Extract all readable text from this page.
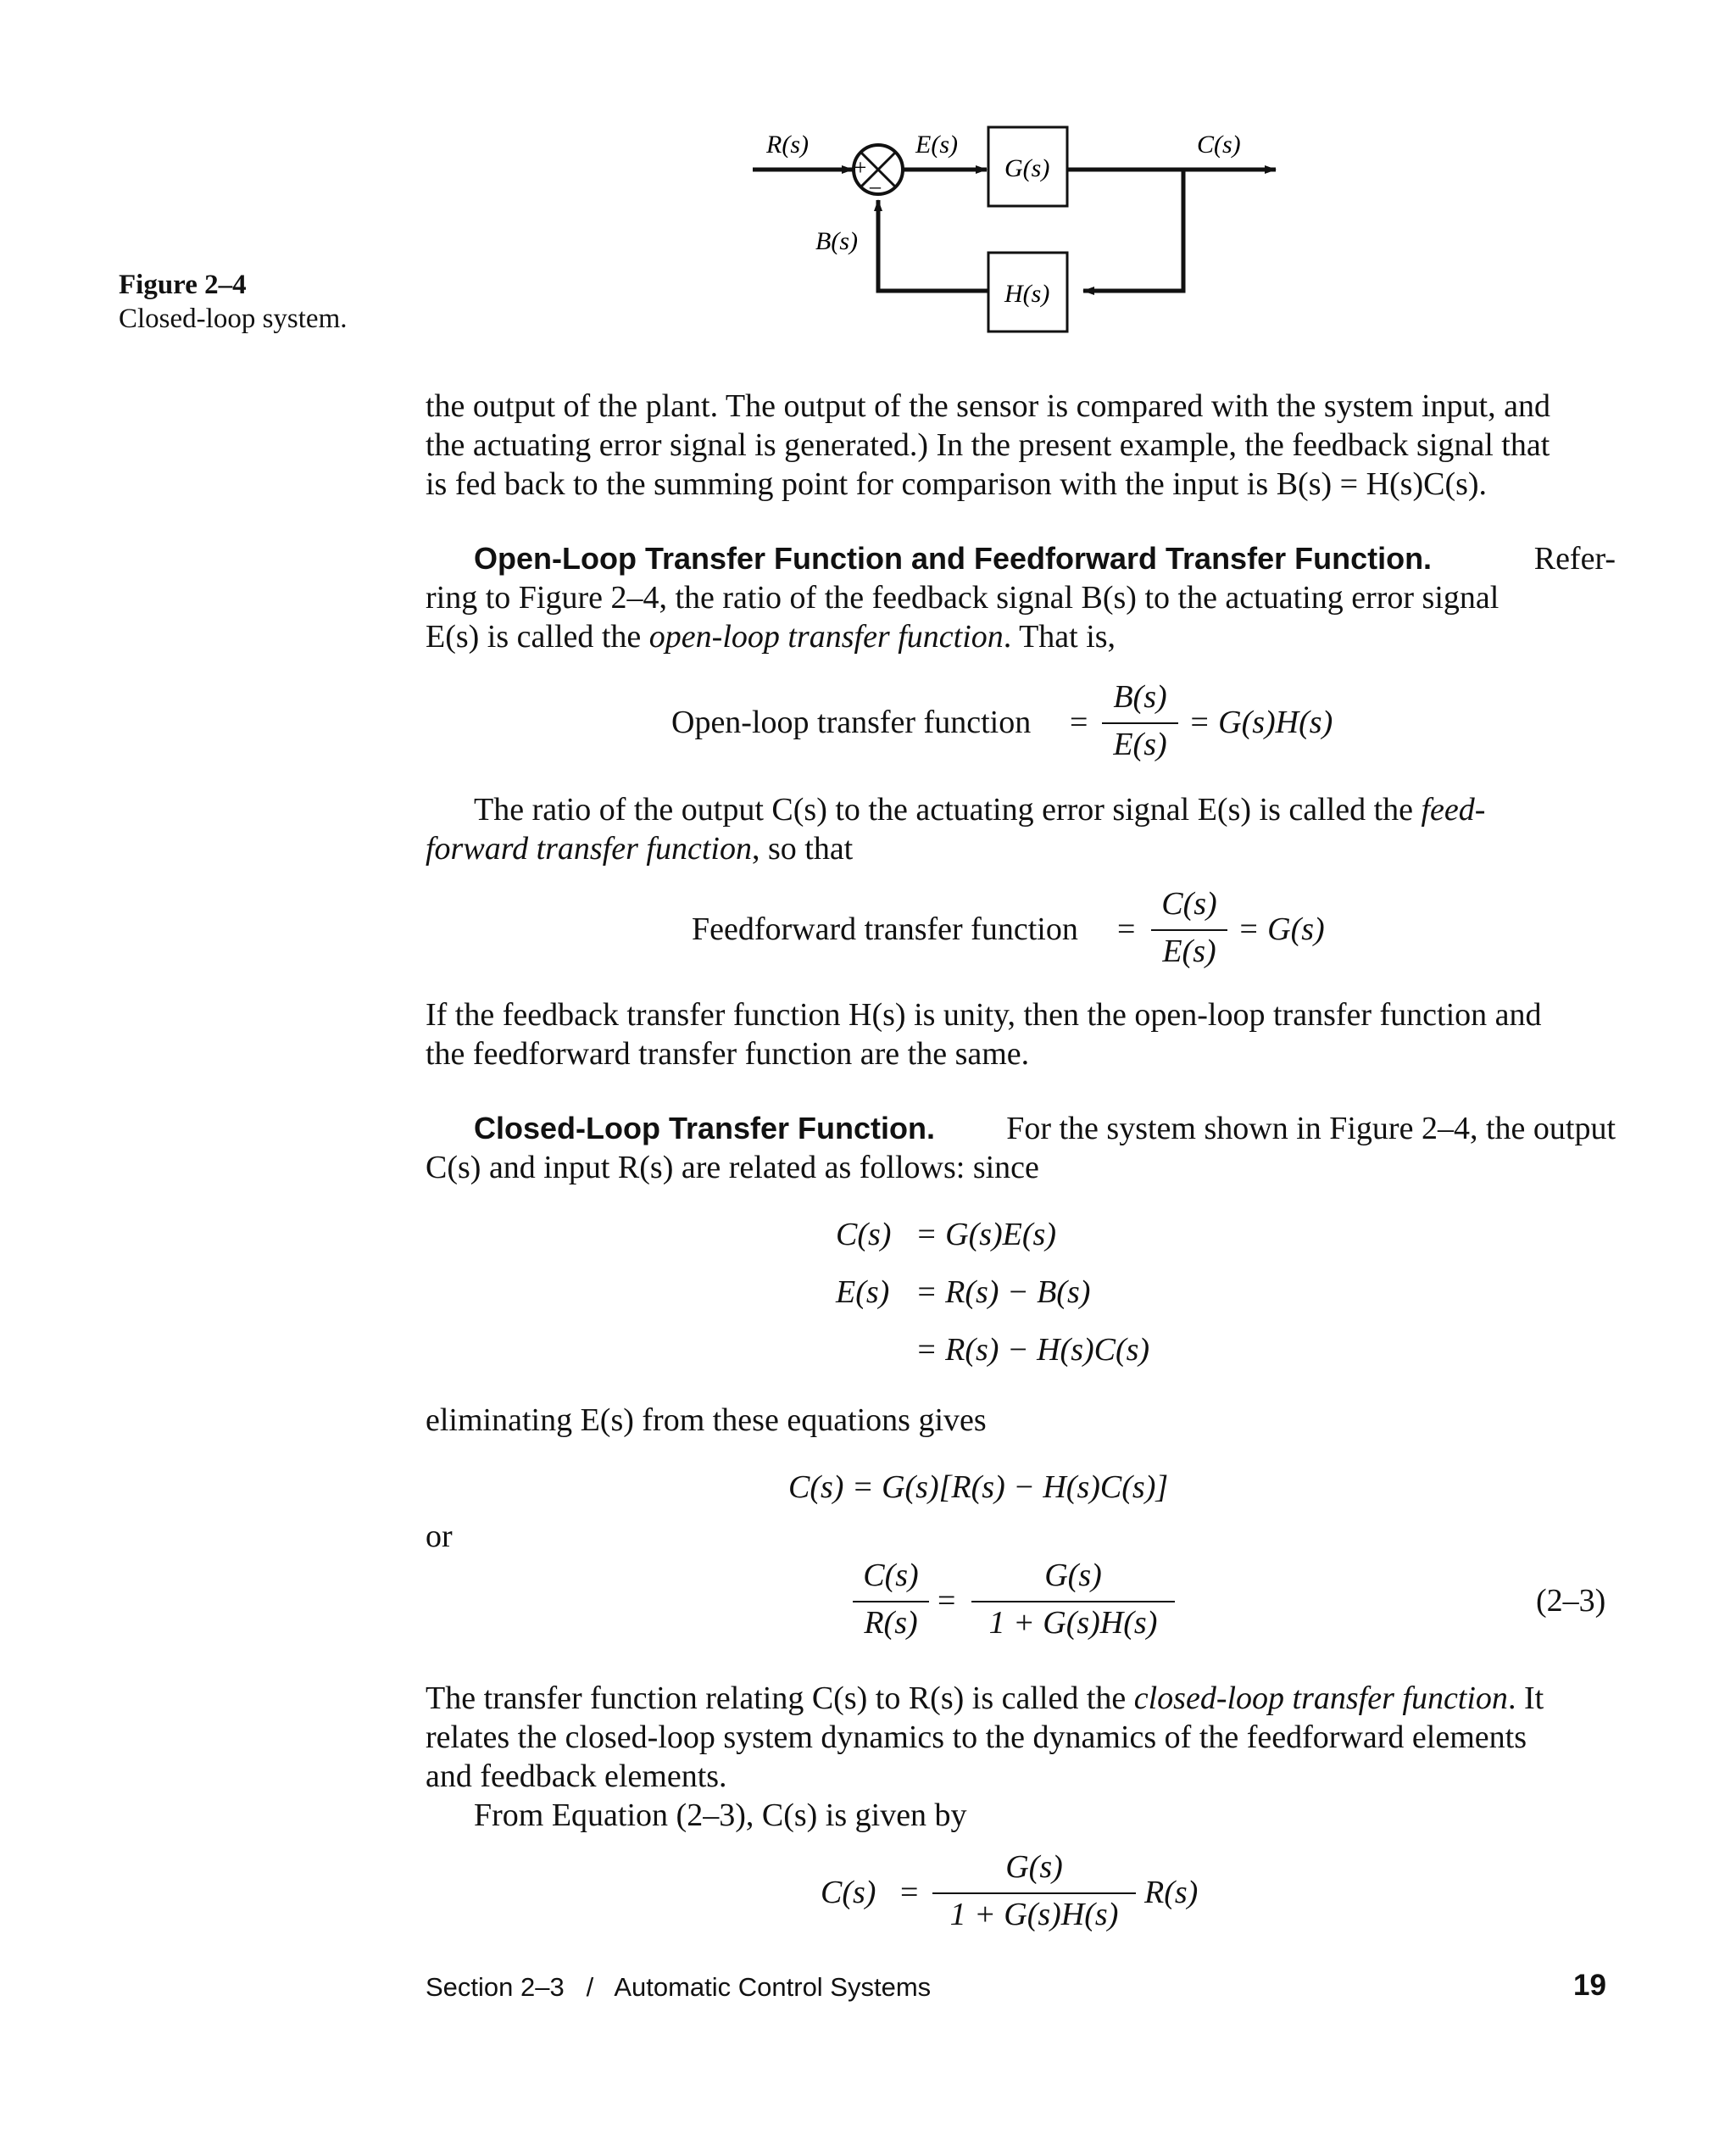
+
–
G(s)
H(s)
R(s)	E(s)	C(s)
B(s)
Figure 2–4
Closed-loop system.
the output of the plant. The output of the sensor is compared with the system input, and
the actuating error signal is generated.) In the present example, the feedback signal that
is fed back to the summing point for comparison with the input is B(s) = H(s)C(s).
Open-Loop Transfer Function and Feedforward Transfer Function.	Refer-
ring to Figure 2–4, the ratio of the feedback signal B(s) to the actuating error signal
E(s) is called the open-loop transfer function. That is,
Open-loop transfer function =
B(s)
E(s)
= G(s)H(s)
The ratio of the output C(s) to the actuating error signal E(s) is called the feed-
forward transfer function, so that
Feedforward transfer function =
C(s)
E(s)
= G(s)
If the feedback transfer function H(s) is unity, then the open-loop transfer function and
the feedforward transfer function are the same.
Closed-Loop Transfer Function.	For the system shown in Figure 2–4, the output
C(s) and input R(s) are related as follows: since
C(s) = G(s)E(s)
E(s) = R(s) − B(s)
= R(s) − H(s)C(s)
eliminating E(s) from these equations gives
C(s) = G(s)[R(s) − H(s)C(s)]
or
C(s)
R(s)
=
G(s)
1 + G(s)H(s)
(2–3)
The transfer function relating C(s) to R(s) is called the closed-loop transfer function. It
relates the closed-loop system dynamics to the dynamics of the feedforward elements
and feedback elements.
From Equation (2–3), C(s) is given by
C(s) =
G(s)
1 + G(s)H(s)
R(s)
Section 2–3   /   Automatic Control Systems	19
